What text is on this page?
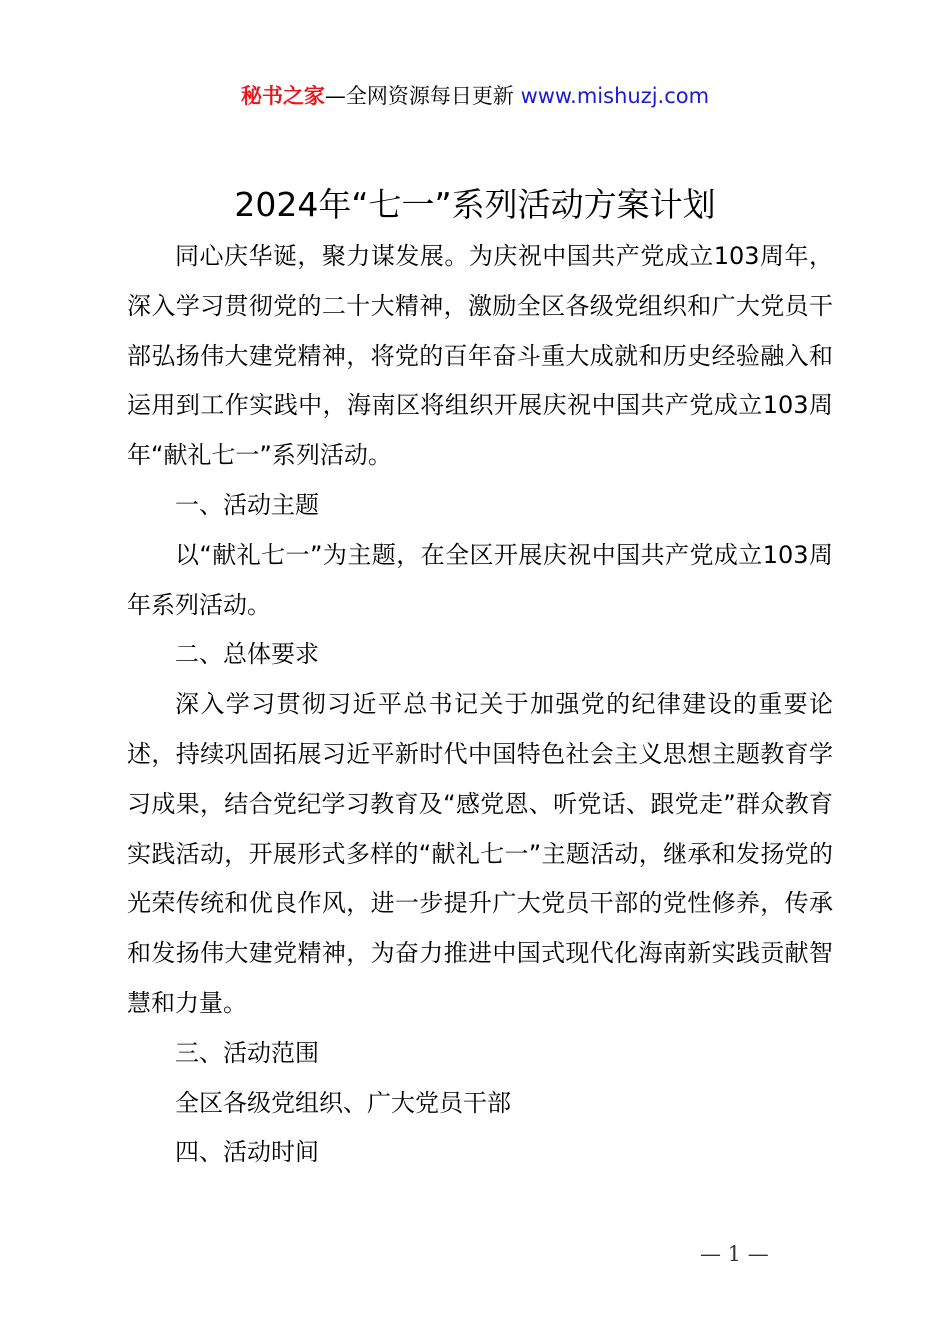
秘书之家—全网资源每日更新 www.mishuzj.com
2024年“七一”系列活动方案计划

同心庆华诞，聚力谋发展。为庆祝中国共产党成立103周年，深入学习贯彻党的二十大精神，激励全区各级党组织和广大党员干部弘扬伟大建党精神，将党的百年奋斗重大成就和历史经验融入和运用到工作实践中，海南区将组织开展庆祝中国共产党成立103周年“献礼七一”系列活动。

一、活动主题

以“献礼七一”为主题，在全区开展庆祝中国共产党成立103周年系列活动。

二、总体要求

深入学习贯彻习近平总书记关于加强党的纪律建设的重要论述，持续巩固拓展习近平新时代中国特色社会主义思想主题教育学习成果，结合党纪学习教育及“感党恩、听党话、跟党走”群众教育实践活动，开展形式多样的“献礼七一”主题活动，继承和发扬党的光荣传统和优良作风，进一步提升广大党员干部的党性修养，传承和发扬伟大建党精神，为奋力推进中国式现代化海南新实践贡献智慧和力量。

三、活动范围

全区各级党组织、广大党员干部

四、活动时间

— 1 —
